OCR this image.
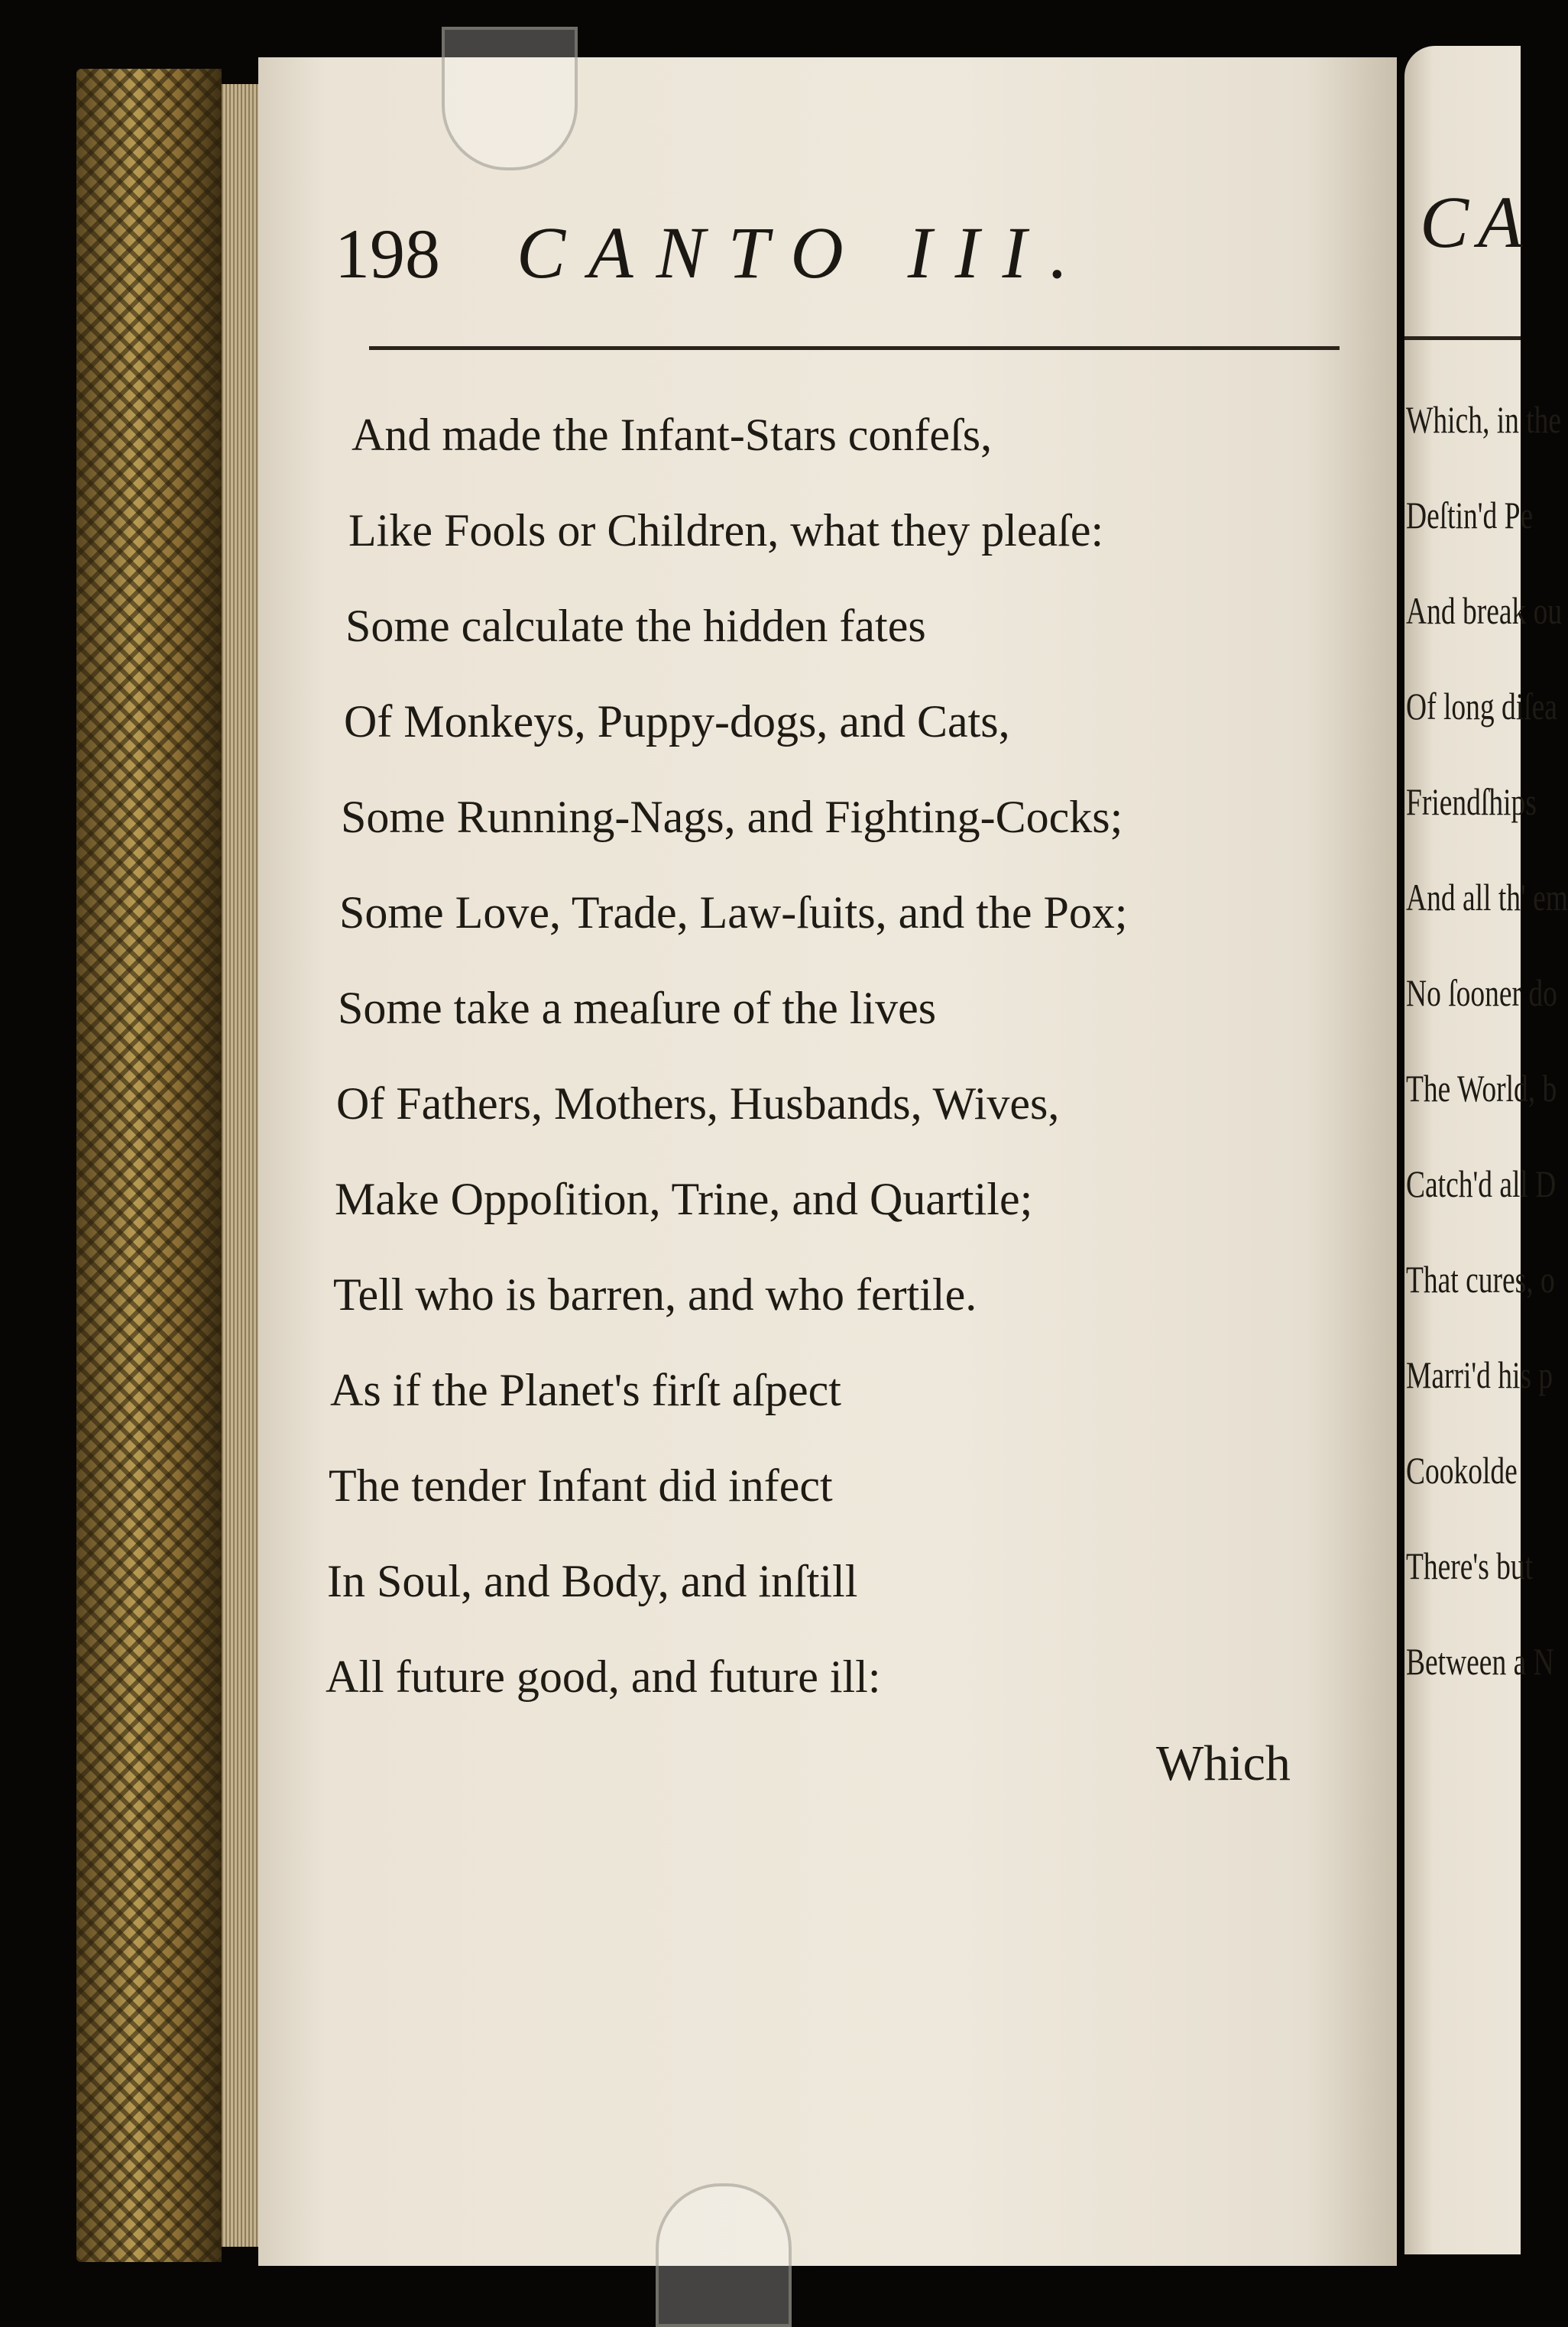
198 CANTO III.
And made the Infant-Stars confeſs,
Like Fools or Children, what they pleaſe:
Some calculate the hidden fates
Of Monkeys, Puppy-dogs, and Cats,
Some Running-Nags, and Fighting-Cocks;
Some Love, Trade, Law-ſuits, and the Pox;
Some take a meaſure of the lives
Of Fathers, Mothers, Husbands, Wives,
Make Oppoſition, Trine, and Quartile;
Tell who is barren, and who fertile.
As if the Planet's firſt aſpect
The tender Infant did infect
In Soul, and Body, and inſtill
All future good, and future ill:
Which
CA
Which, in the
Deſtin'd Pe
And break ou
Of long diſea
Friendſhips
And all th' em
No ſooner do
The World, b
Catch'd all D
That cures, o
Marri'd his p
Cookolde
There's but
Between a N
